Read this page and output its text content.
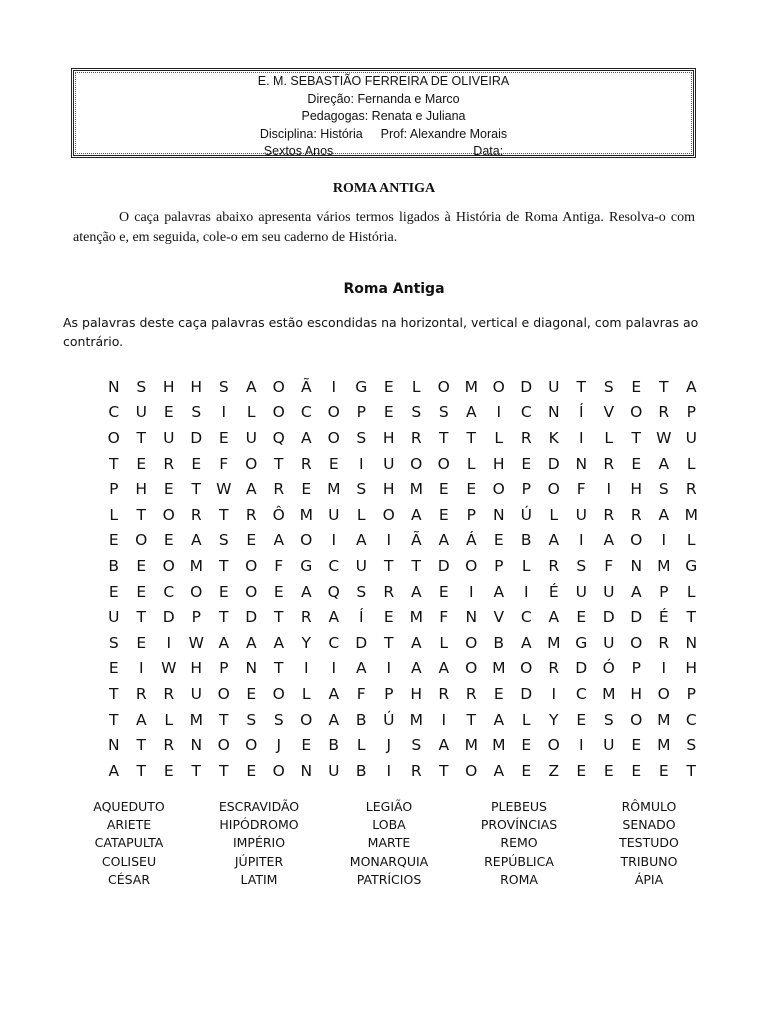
E. M. SEBASTIÃO FERREIRA DE OLIVEIRA
Direção: Fernanda e Marco
Pedagogas: Renata e Juliana
Disciplina: História Prof: Alexandre Morais
Sextos Anos	Data:
ROMA ANTIGA
O caça palavras abaixo apresenta vários termos ligados à História de Roma Antiga. Resolva-o com atenção e, em seguida, cole-o em seu caderno de História.
Roma Antiga
As palavras deste caça palavras estão escondidas na horizontal, vertical e diagonal, com palavras ao contrário.
N	S	H	H	S	A	O	Ã	I	G	E	L	O M O D	U	T	S	E	T	A
C	U	E	S	I	L	O	C	O	P	E	S	S	A	I	C	N	Í	V	O	R	P
O	T	U	D	E	U	Q	A	O	S	H	R	T	T	L	R	K	I	L	T W U
T	E	R	E	F	O	T	R	E	I	U	O O	L	H	E	D	N	R	E	A	L
P	H	E	T W A	R	E	M	S	H M	E	E	O	P	O	F	I	H	S	R
L	T	O	R	T	R	Ô M U	L	O	A	E	P	N	Ú	L	U	R	R	A	M
E	O	E	A	S	E	A	O	I	A	I	Ã	A	Á	E	B	A	I	A	O	I	L
B	E	O M	T	O	F	G	C	U	T	T	D O	P	L	R	S	F	N M G
E	E	C	O	E	O	E	A	Q	S	R	A	E	I	A	I	É	U	U	A	P	L
U	T	D	P	T	D	T	R	A	Í	E	M	F	N	V	C	A	E	D	D	É	T
S	E	I	W A	A	A	Y	C	D	T	A	L	O	B	A	M G	U	O	R	N
E	I	W H	P	N	T	I	I	A	I	A	A	O M O	R	D Ó	P	I	H
T	R	R	U	O	E	O	L	A	F	P	H	R	R	E	D	I	C M H	O	P
T	A	L	M	T	S	S	O	A	B	Ú M	I	T	A	L	Y	E	S	O M C
N	T	R	N	O O	J	E	B	L	J	S	A	M M	E	O	I	U	E	M	S
A	T	E	T	T	E	O	N	U	B	I	R	T	O	A	E	Z	E	E	E	E	T
AQUEDUTO
ARIETE
CATAPULTA
COLISEU
CÉSAR
ESCRAVIDÃO
HIPÓDROMO
IMPÉRIO
JÚPITER
LATIM
LEGIÃO
LOBA
MARTE
MONARQUIA
PATRÍCIOS
PLEBEUS
PROVÍNCIAS
REMO
REPÚBLICA
ROMA
RÔMULO
SENADO
TESTUDO
TRIBUNO
ÁPIA
